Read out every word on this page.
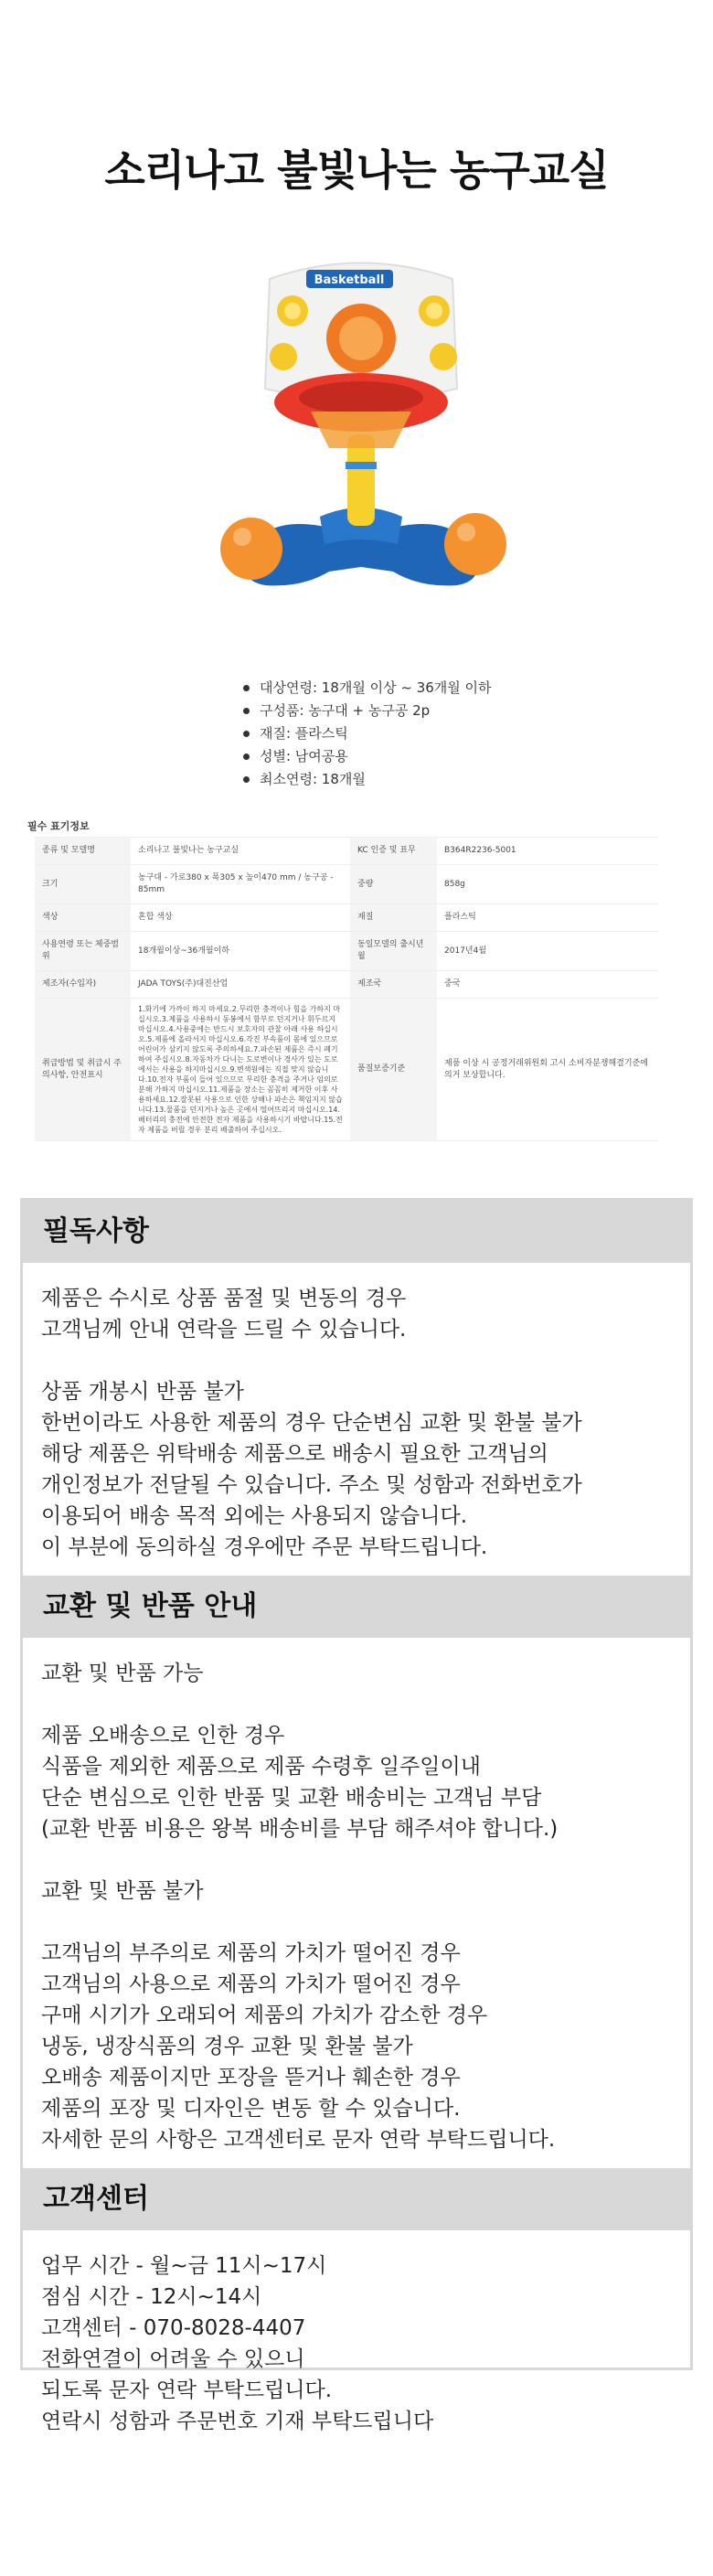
소리나고 불빛나는 농구교실
Basketball
대상연령: 18개월 이상 ~ 36개월 이하
구성품: 농구대 + 농구공 2p
재질: 플라스틱
성별: 남여공용
최소연령: 18개월
필수 표기정보
종류 및 모델명	소리나고 불빛나는 농구교실	KC 인증 및 표무	B364R2236-5001
크기	농구대 - 가로380 x 폭305 x 높이470 mm / 농구공 - 85mm	중량	858g
색상	혼합 색상	재질	플라스틱
사용연령 또는 체중범위	18개월이상~36개월이하	동일모델의 출시년월	2017년4월
제조자(수입자)	JADA TOYS(주)대진산업	제조국	중국
취급방법 및 취급시 주의사항, 안전표시	1.화기에 가까이 하지 마세요.2.무리한 충격이나 힘을 가하지 마십시오.3.제품을 사용하시 동봉에서 함부로 던지거나 휘두르지 마십시오.4.사용중에는 반드시 보호자의 관찰 아래 사용 하십시오.5.제품에 올라서지 마십시오.6.각진 부속품이 몸에 있으므로 어린이가 삼키지 않도록 주의하세요.7.파손된 제품은 즉시 폐기하여 주십시오.8.자동차가 다니는 도로변이나 경사가 있는 도로에서는 사용을 하지마십시오.9.변색원에는 직접 맞지 않습니다.10.전자 부품이 들어 있으므로 무리한 충격을 주거나 임의로 분해 가하지 마십시오.11.제품을 장소는 꼼꼼히 제거한 이후 사용하세요.12.잘못된 사용으로 인한 상해나 파손은 책임지지 않습니다.13.물품을 던지거나 높은 곳에서 떨어뜨리지 마십시오.14.배터리의 충전에 안전한 전자 제품을 사용하시기 바랍니다.15.전자 제품을 버릴 경우 분리 배출하여 주십시오.	품질보증기준	제품 이상 시 공정거래위원회 고시 소비자분쟁해결기준에 의거 보상합니다.
필독사항

제품은 수시로 상품 품절 및 변동의 경우
고객님께 안내 연락을 드릴 수 있습니다.

상품 개봉시 반품 불가
한번이라도 사용한 제품의 경우 단순변심 교환 및 환불 불가
해당 제품은 위탁배송 제품으로 배송시 필요한 고객님의
개인정보가 전달될 수 있습니다. 주소 및 성함과 전화번호가
이용되어 배송 목적 외에는 사용되지 않습니다.
이 부분에 동의하실 경우에만 주문 부탁드립니다.

교환 및 반품 안내

교환 및 반품 가능

제품 오배송으로 인한 경우
식품을 제외한 제품으로 제품 수령후 일주일이내
단순 변심으로 인한 반품 및 교환 배송비는 고객님 부담
(교환 반품 비용은 왕복 배송비를 부담 해주셔야 합니다.)

교환 및 반품 불가

고객님의 부주의로 제품의 가치가 떨어진 경우
고객님의 사용으로 제품의 가치가 떨어진 경우
구매 시기가 오래되어 제품의 가치가 감소한 경우
냉동, 냉장식품의 경우 교환 및 환불 불가
오배송 제품이지만 포장을 뜯거나 훼손한 경우
제품의 포장 및 디자인은 변동 할 수 있습니다.
자세한 문의 사항은 고객센터로 문자 연락 부탁드립니다.

고객센터

업무 시간 - 월~금 11시~17시
점심 시간 - 12시~14시
고객센터 - 070-8028-4407
전화연결이 어려울 수 있으니
되도록 문자 연락 부탁드립니다.
연락시 성함과 주문번호 기재 부탁드립니다
